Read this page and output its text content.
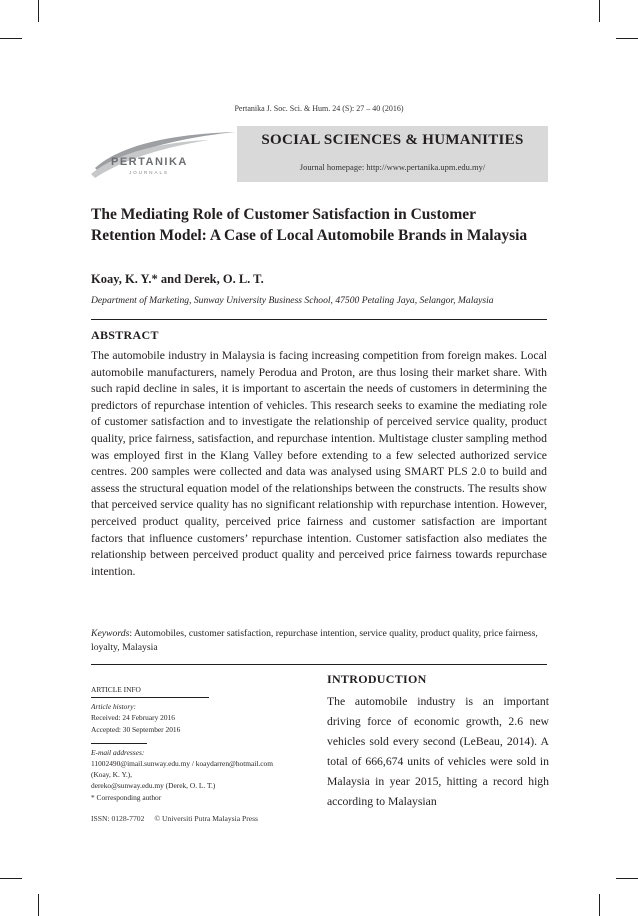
Pertanika J. Soc. Sci. & Hum. 24 (S): 27 – 40 (2016)
PERTANIKA
JOURNALS
SOCIAL SCIENCES & HUMANITIES
Journal homepage: http://www.pertanika.upm.edu.my/
The Mediating Role of Customer Satisfaction in Customer Retention Model: A Case of Local Automobile Brands in Malaysia
Koay, K. Y.* and Derek, O. L. T.
Department of Marketing, Sunway University Business School, 47500 Petaling Jaya, Selangor, Malaysia
ABSTRACT

The automobile industry in Malaysia is facing increasing competition from foreign makes. Local automobile manufacturers, namely Perodua and Proton, are thus losing their market share. With such rapid decline in sales, it is important to ascertain the needs of customers in determining the predictors of repurchase intention of vehicles. This research seeks to examine the mediating role of customer satisfaction and to investigate the relationship of perceived service quality, product quality, price fairness, satisfaction, and repurchase intention. Multistage cluster sampling method was employed first in the Klang Valley before extending to a few selected authorized service centres. 200 samples were collected and data was analysed using SMART PLS 2.0 to build and assess the structural equation model of the relationships between the constructs. The results show that perceived service quality has no significant relationship with repurchase intention. However, perceived product quality, perceived price fairness and customer satisfaction are important factors that influence customers’ repurchase intention. Customer satisfaction also mediates the relationship between perceived product quality and perceived price fairness towards repurchase intention.

Keywords: Automobiles, customer satisfaction, repurchase intention, service quality, product quality, price fairness, loyalty, Malaysia

ARTICLE INFO
Article history:
Received: 24 February 2016
Accepted: 30 September 2016
E-mail addresses:
11002490@imail.sunway.edu.my / koaydarren@hotmail.com
(Koay, K. Y.),
dereko@sunway.edu.my (Derek, O. L. T.)
* Corresponding author
INTRODUCTION

The automobile industry is an important driving force of economic growth, 2.6 new vehicles sold every second (LeBeau, 2014). A total of 666,674 units of vehicles were sold in Malaysia in year 2015, hitting a record high according to Malaysian

ISSN: 0128-7702 © Universiti Putra Malaysia Press
